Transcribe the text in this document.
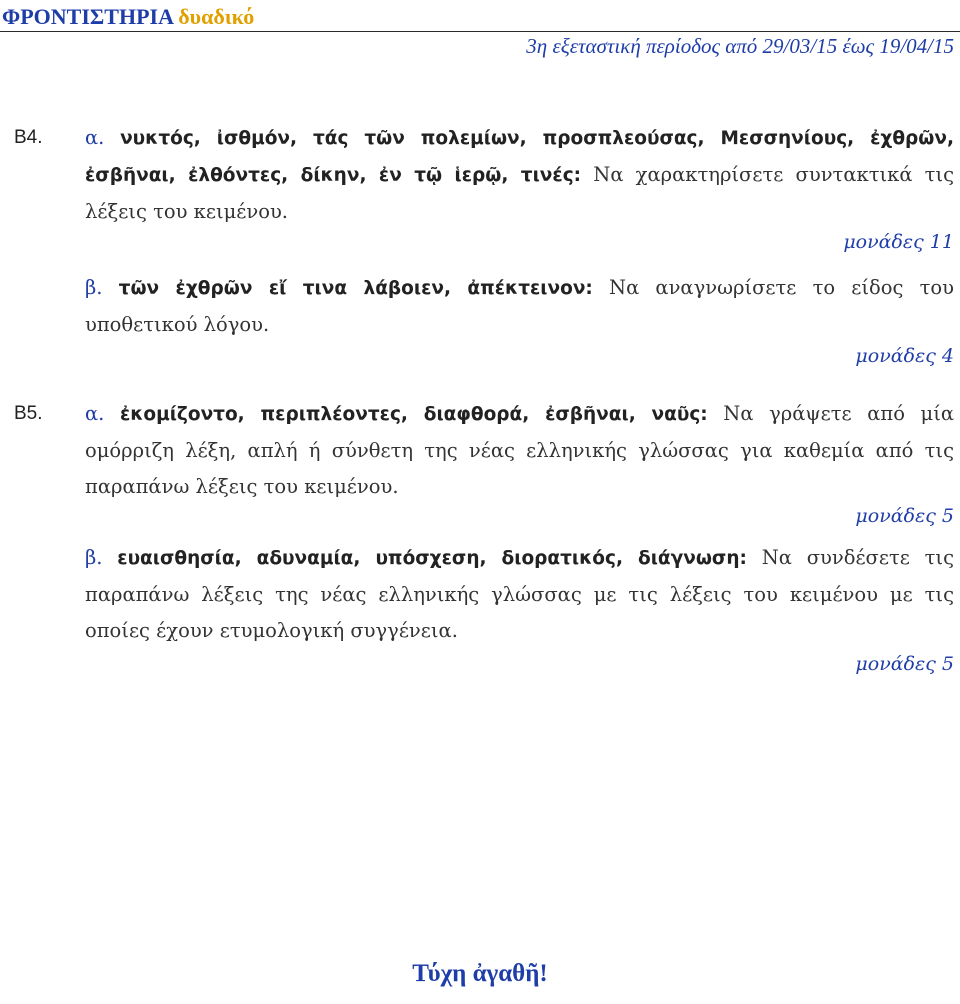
ΦΡΟΝΤΙΣΤΗΡΙΑ δυαδικό
3η εξεταστική περίοδος από 29/03/15 έως 19/04/15
B4. α. νυκτός, ἰσθμόν, τάς τῶν πολεμίων, προσπλεούσας, Μεσσηνίους, ἐχθρῶν, ἐσβῆναι, ἐλθόντες, δίκην, ἐν τῷ ἱερῷ, τινές: Να χαρακτηρίσετε συντακτικά τις λέξεις του κειμένου.
μονάδες 11
β. τῶν ἐχθρῶν εἴ τινα λάβοιεν, ἀπέκτεινον: Να αναγνωρίσετε το είδος του υποθετικού λόγου.
μονάδες 4
B5. α. ἐκομίζοντο, περιπλέοντες, διαφθορά, ἐσβῆναι, ναῦς: Να γράψετε από μία ομόρριζη λέξη, απλή ή σύνθετη της νέας ελληνικής γλώσσας για καθεμία από τις παραπάνω λέξεις του κειμένου.
μονάδες 5
β. ευαισθησία, αδυναμία, υπόσχεση, διορατικός, διάγνωση: Να συνδέσετε τις παραπάνω λέξεις της νέας ελληνικής γλώσσας με τις λέξεις του κειμένου με τις οποίες έχουν ετυμολογική συγγένεια.
μονάδες 5
Τύχη ἀγαθῆ!
